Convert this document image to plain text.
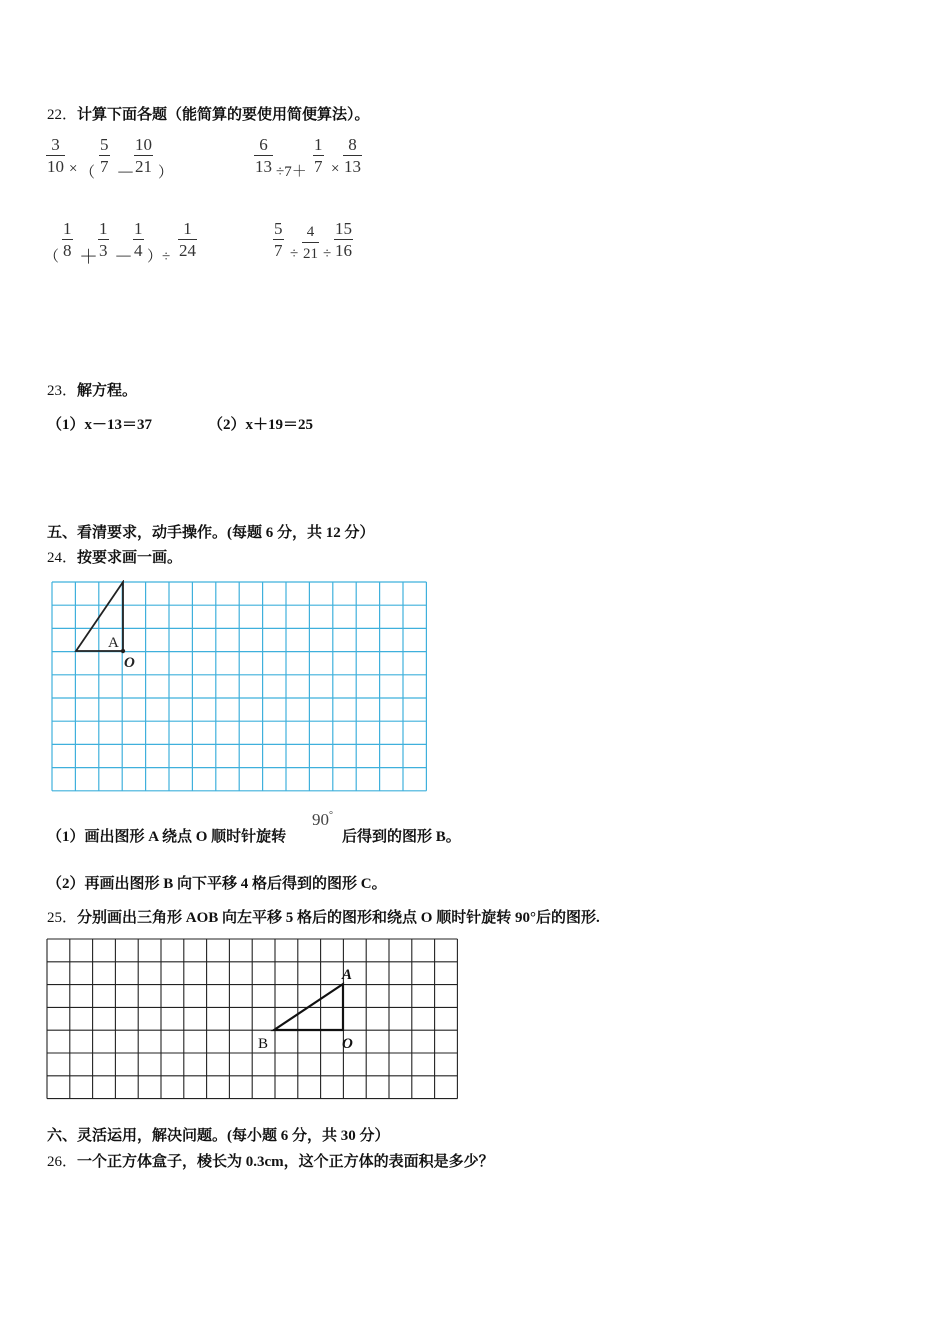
22．计算下面各题（能简算的要使用简便算法）。
$\frac{3}{10}$ × （ $\frac{5}{7}$ －
$\frac{10}{21}$ ）	$\frac{6}{13} \div 7+ \frac{1}{7} \times \frac{8}{13}$
（ $\frac{1}{8} + \frac{1}{3} - \frac{1}{4}$ ）÷ $\frac{1}{24}$	$\frac{5}{7} \div \frac{4}{21} \div \frac{15}{16}$
23．解方程。
（1）x－13＝37	（2）x＋19＝25
五、看清要求，动手操作。(每题 6 分，共 12 分）
24．按要求画一画。
A
O
（1）画出图形 A 绕点 O 顺时针旋转
90°
后得到的图形 B。
（2）再画出图形 B 向下平移 4 格后得到的图形 C。
25．分别画出三角形 AOB 向左平移 5 格后的图形和绕点 O 顺时针旋转 90°后的图形.
A
B	O
六、灵活运用，解决问题。(每小题 6 分，共 30 分）
26．一个正方体盒子，棱长为 0.3cm，这个正方体的表面积是多少？
